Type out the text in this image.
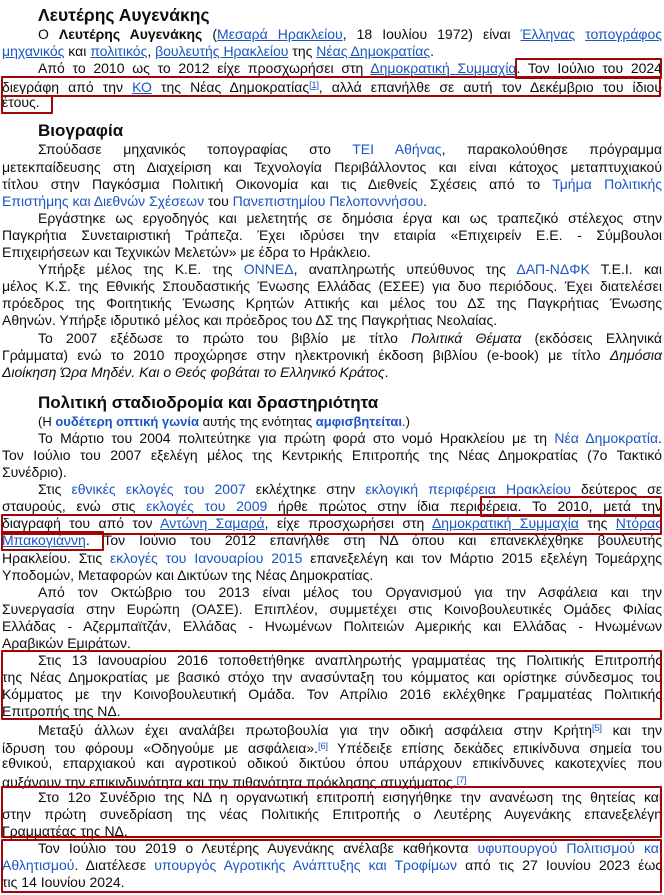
Λευτέρης Αυγενάκης
Ο Λευτέρης Αυγενάκης (Μεσαρά Ηρακλείου, 18 Ιουλίου 1972) είναι Έλληνας τοπογράφος
μηχανικός και πολιτικός, βουλευτής Ηρακλείου της Νέας Δημοκρατίας.
Από το 2010 ως το 2012 είχε προσχωρήσει στη Δημοκρατική Συμμαχία. Τον Ιούλιο του 2024
διεγράφη από την ΚΟ της Νέας Δημοκρατίας[1], αλλά επανήλθε σε αυτή τον Δεκέμβριο του ίδιου
έτους.
Βιογραφία
Σπούδασε μηχανικός τοπογραφίας στο ΤΕΙ Αθήνας, παρακολούθησε πρόγραμμα
μετεκπαίδευσης στη Διαχείριση και Τεχνολογία Περιβάλλοντος και είναι κάτοχος μεταπτυχιακού
τίτλου στην Παγκόσμια Πολιτική Οικονομία και τις Διεθνείς Σχέσεις από το Τμήμα Πολιτικής
Επιστήμης και Διεθνών Σχέσεων του Πανεπιστημίου Πελοποννήσου.
Εργάστηκε ως εργοδηγός και μελετητής σε δημόσια έργα και ως τραπεζικό στέλεχος στην
Παγκρήτια Συνεταιριστική Τράπεζα. Έχει ιδρύσει την εταιρία «Επιχειρείν Ε.Ε. - Σύμβουλοι
Επιχειρήσεων και Τεχνικών Μελετών» με έδρα το Ηράκλειο.
Υπήρξε μέλος της Κ.Ε. της ΟΝΝΕΔ, αναπληρωτής υπεύθυνος της ΔΑΠ-ΝΔΦΚ Τ.Ε.Ι. και
μέλος Κ.Σ. της Εθνικής Σπουδαστικής Ένωσης Ελλάδας (ΕΣΕΕ) για δυο περιόδους. Έχει διατελέσει
πρόεδρος της Φοιτητικής Ένωσης Κρητών Αττικής και μέλος του ΔΣ της Παγκρήτιας Ένωσης
Αθηνών. Υπήρξε ιδρυτικό μέλος και πρόεδρος του ΔΣ της Παγκρήτιας Νεολαίας.
Το 2007 εξέδωσε το πρώτο του βιβλίο με τίτλο Πολιτικά Θέματα (εκδόσεις Ελληνικά
Γράμματα) ενώ το 2010 προχώρησε στην ηλεκτρονική έκδοση βιβλίου (e-book) με τίτλο Δημόσια
Διοίκηση Ώρα Μηδέν. Και ο Θεός φοβάται το Ελληνικό Κράτος.
Πολιτική σταδιοδρομία και δραστηριότητα
(Η ουδέτερη οπτική γωνία αυτής της ενότητας αμφισβητείται.)
Το Μάρτιο του 2004 πολιτεύτηκε για πρώτη φορά στο νομό Ηρακλείου με τη Νέα Δημοκρατία.
Τον Ιούλιο του 2007 εξελέγη μέλος της Κεντρικής Επιτροπής της Νέας Δημοκρατίας (7ο Τακτικό
Συνέδριο).
Στις εθνικές εκλογές του 2007 εκλέχτηκε στην εκλογική περιφέρεια Ηρακλείου δεύτερος σε
σταυρούς, ενώ στις εκλογές του 2009 ήρθε πρώτος στην ίδια περιφέρεια. Το 2010, μετά την
διαγραφή του από τον Αντώνη Σαμαρά, είχε προσχωρήσει στη Δημοκρατική Συμμαχία της Ντόρας
Μπακογιάννη. Τον Ιούνιο του 2012 επανήλθε στη ΝΔ όπου και επανεκλέχθηκε βουλευτής
Ηρακλείου. Στις εκλογές του Ιανουαρίου 2015 επανεξελέγη και τον Μάρτιο 2015 εξελέγη Τομεάρχης
Υποδομών, Μεταφορών και Δικτύων της Νέας Δημοκρατίας.
Από τον Οκτώβριο του 2013 είναι μέλος του Οργανισμού για την Ασφάλεια και την
Συνεργασία στην Ευρώπη (ΟΑΣΕ). Επιπλέον, συμμετέχει στις Κοινοβουλευτικές Ομάδες Φιλίας
Ελλάδας - Αζερμπαϊτζάν, Ελλάδας - Ηνωμένων Πολιτειών Αμερικής και Ελλάδας - Ηνωμένων
Αραβικών Εμιράτων.
Στις 13 Ιανουαρίου 2016 τοποθετήθηκε αναπληρωτής γραμματέας της Πολιτικής Επιτροπής
της Νέας Δημοκρατίας με βασικό στόχο την ανασύνταξη του κόμματος και ορίστηκε σύνδεσμος του
Κόμματος με την Κοινοβουλευτική Ομάδα. Τον Απρίλιο 2016 εκλέχθηκε Γραμματέας Πολιτικής
Επιτροπής της ΝΔ.
Μεταξύ άλλων έχει αναλάβει πρωτοβουλία για την οδική ασφάλεια στην Κρήτη[5] και την
ίδρυση του φόρουμ «Οδηγούμε με ασφάλεια».[6] Υπέδειξε επίσης δεκάδες επικίνδυνα σημεία του
εθνικού, επαρχιακού και αγροτικού οδικού δικτύου όπου υπάρχουν επικίνδυνες κακοτεχνίες που
αυξάνουν την επικινδυνότητα και την πιθανότητα πρόκλησης ατυχήματος.[7]
Στο 12ο Συνέδριο της ΝΔ η οργανωτική επιτροπή εισηγήθηκε την ανανέωση της θητείας και
στην πρώτη συνεδρίαση της νέας Πολιτικής Επιτροπής ο Λευτέρης Αυγενάκης επανεξελέγη
Γραμματέας της ΝΔ.
Τον Ιούλιο του 2019 ο Λευτέρης Αυγενάκης ανέλαβε καθήκοντα υφυπουργού Πολιτισμού και
Αθλητισμού. Διατέλεσε υπουργός Αγροτικής Ανάπτυξης και Τροφίμων από τις 27 Ιουνίου 2023 έως
τις 14 Ιουνίου 2024.
